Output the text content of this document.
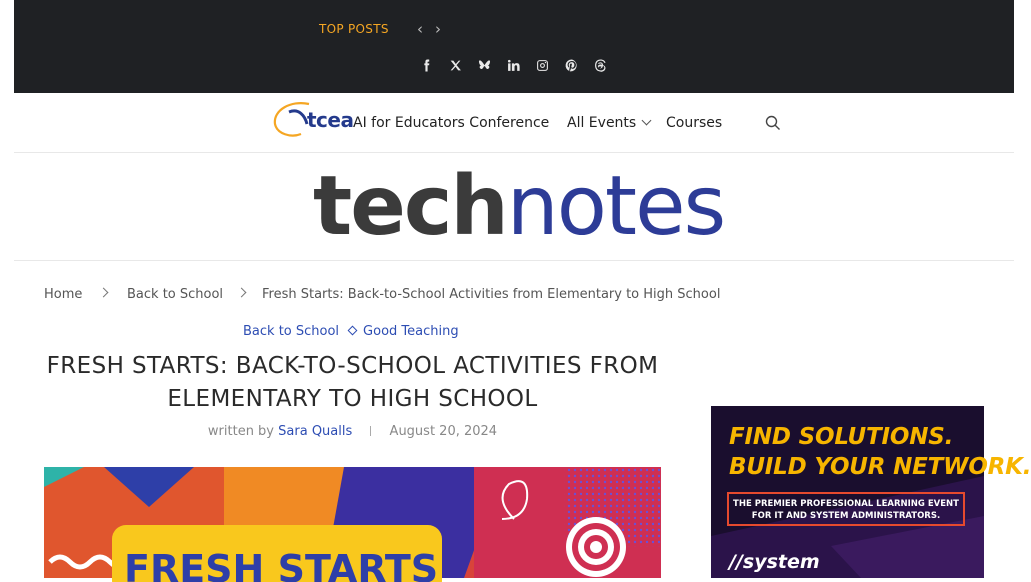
TOP POSTS ‹ ›
tcea AI for Educators Conference All Events	Courses
technotes
Home	Back to School	Fresh Starts: Back-to-School Activities from Elementary to High School
Back to School Good Teaching
FRESH STARTS: BACK-TO-SCHOOL ACTIVITIES FROM ELEMENTARY TO HIGH SCHOOL
written by Sara Qualls	August 20, 2024
FRESH STARTS
FIND SOLUTIONS.
BUILD YOUR NETWORK.
THE PREMIER PROFESSIONAL LEARNING EVENT
FOR IT AND SYSTEM ADMINISTRATORS.
//system
